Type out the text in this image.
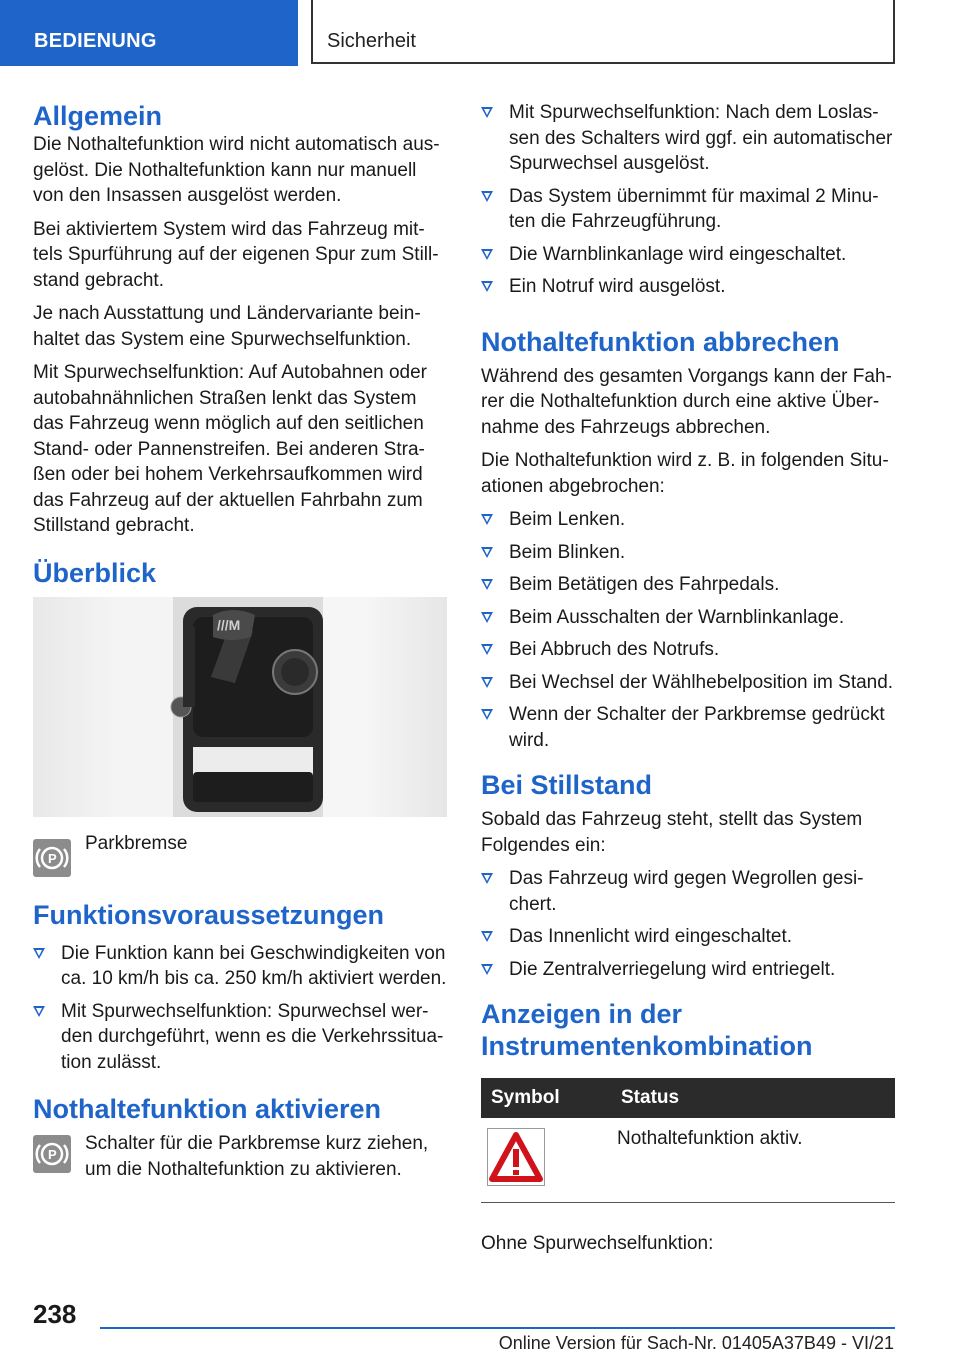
BEDIENUNG	Sicherheit
Allgemein

Die Nothaltefunktion wird nicht automatisch ausgelöst. Die Nothaltefunktion kann nur manuell von den Insassen ausgelöst werden.

Bei aktiviertem System wird das Fahrzeug mittels Spurführung auf der eigenen Spur zum Stillstand gebracht.

Je nach Ausstattung und Ländervariante beinhaltet das System eine Spurwechselfunktion.

Mit Spurwechselfunktion: Auf Autobahnen oder autobahnähnlichen Straßen lenkt das System das Fahrzeug wenn möglich auf den seitlichen Stand- oder Pannenstreifen. Bei anderen Straßen oder bei hohem Verkehrsaufkommen wird das Fahrzeug auf der aktuellen Fahrbahn zum Stillstand gebracht.

Überblick
///M
P
Parkbremse
Funktionsvoraussetzungen
Die Funktion kann bei Geschwindigkeiten von ca. 10 km/h bis ca. 250 km/h aktiviert werden.
Mit Spurwechselfunktion: Spurwechsel werden durchgeführt, wenn es die Verkehrssituation zulässt.
Nothaltefunktion aktivieren
P
Schalter für die Parkbremse kurz ziehen, um die Nothaltefunktion zu aktivieren.
Mit Spurwechselfunktion: Nach dem Loslassen des Schalters wird ggf. ein automatischer Spurwechsel ausgelöst.
Das System übernimmt für maximal 2 Minuten die Fahrzeugführung.
Die Warnblinkanlage wird eingeschaltet.
Ein Notruf wird ausgelöst.
Nothaltefunktion abbrechen

Während des gesamten Vorgangs kann der Fahrer die Nothaltefunktion durch eine aktive Übernahme des Fahrzeugs abbrechen.

Die Nothaltefunktion wird z. B. in folgenden Situationen abgebrochen:

Beim Lenken.
Beim Blinken.
Beim Betätigen des Fahrpedals.
Beim Ausschalten der Warnblinkanlage.
Bei Abbruch des Notrufs.
Bei Wechsel der Wählhebelposition im Stand.
Wenn der Schalter der Parkbremse gedrückt wird.
Bei Stillstand

Sobald das Fahrzeug steht, stellt das System Folgendes ein:

Das Fahrzeug wird gegen Wegrollen gesichert.
Das Innenlicht wird eingeschaltet.
Die Zentralverriegelung wird entriegelt.
Anzeigen in der
Instrumentenkombination
Symbol	Status
	Nothaltefunktion aktiv.

Ohne Spurwechselfunktion:

238
Online Version für Sach-Nr. 01405A37B49 - VI/21
